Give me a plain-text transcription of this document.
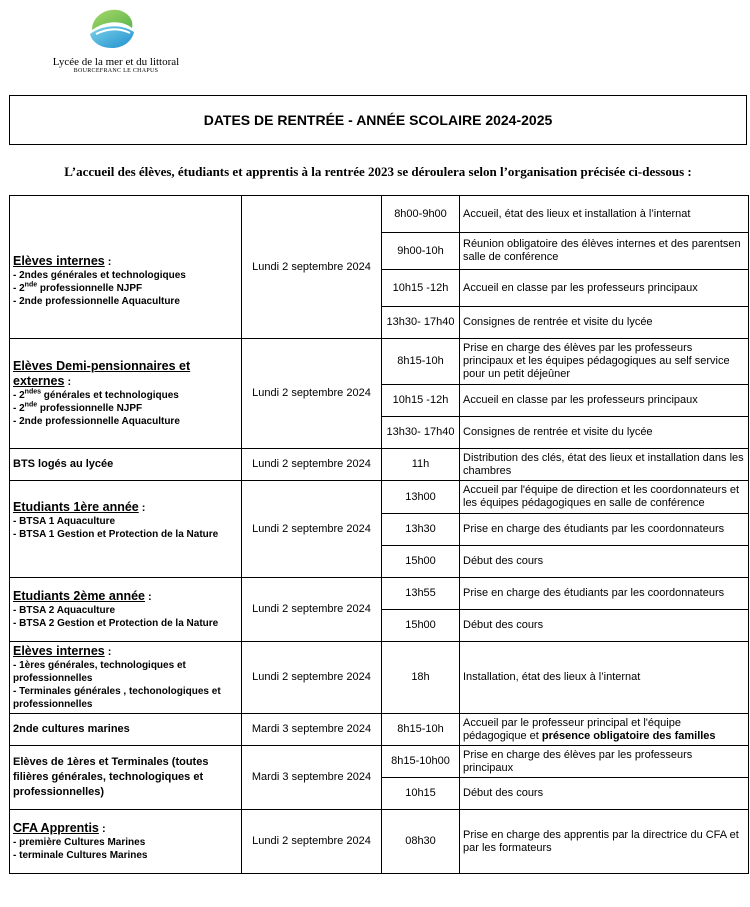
Lycée de la mer et du littoral
BOURCEFRANC LE CHAPUS
DATES DE RENTRÉE - ANNÉE SCOLAIRE 2024-2025
L’accueil des élèves, étudiants et apprentis à la rentrée 2023 se déroulera selon l’organisation précisée ci-dessous :
Elèves internes :
- 2ndes générales et technologiques
- 2nde professionnelle NJPF
- 2nde professionnelle Aquaculture	Lundi 2 septembre 2024	8h00-9h00	Accueil, état des lieux et installation à l’internat
		9h00-10h	Réunion obligatoire des élèves internes et des parentsen salle de conférence
		10h15 -12h	Accueil en classe par les professeurs principaux
		13h30- 17h40	Consignes de rentrée et visite du lycée

Elèves Demi-pensionnaires et externes :
- $2^{ndes}$ générales et technologiques
- 2nde professionnelle NJPF
- 2nde professionnelle Aquaculture	Lundi 2 septembre 2024	8h15-10h	Prise en charge des élèves par les professeurs principaux et les équipes pédagogiques au self service pour un petit déjeûner
		10h15 -12h	Accueil en classe par les professeurs principaux
		13h30- 17h40	Consignes de rentrée et visite du lycée
BTS logés au lycée	Lundi 2 septembre 2024	11h	Distribution des clés, état des lieux et installation dans les chambres

Etudiants 1ère année :
- BTSA 1 Aquaculture
- BTSA 1 Gestion et Protection de la Nature	Lundi 2 septembre 2024	13h00	Accueil par l'équipe de direction et les coordonnateurs et les équipes pédagogiques en salle de conférence
		13h30	Prise en charge des étudiants par les coordonnateurs
		15h00	Début des cours

Etudiants 2ème année :
- BTSA 2 Aquaculture
- BTSA 2 Gestion et Protection de la Nature	Lundi 2 septembre 2024	13h55	Prise en charge des étudiants par les coordonnateurs
		15h00	Début des cours

Elèves internes :
- 1ères générales, technologiques et professionnelles
- Terminales générales , techonologiques et professionnelles	Lundi 2 septembre 2024	18h	Installation, état des lieux à l’internat
2nde cultures marines	Mardi 3 septembre 2024	8h15-10h	Accueil par le professeur principal et l'équipe pédagogique et présence obligatoire des familles
Elèves de 1ères et Terminales (toutes filières générales, technologiques et professionnelles)	Mardi 3 septembre 2024	8h15-10h00	Prise en charge des élèves par les professeurs principaux
		10h15	Début des cours

CFA Apprentis :
- première Cultures Marines
- terminale Cultures Marines	Lundi 2 septembre 2024	08h30	Prise en charge des apprentis par la directrice du CFA et par les formateurs
